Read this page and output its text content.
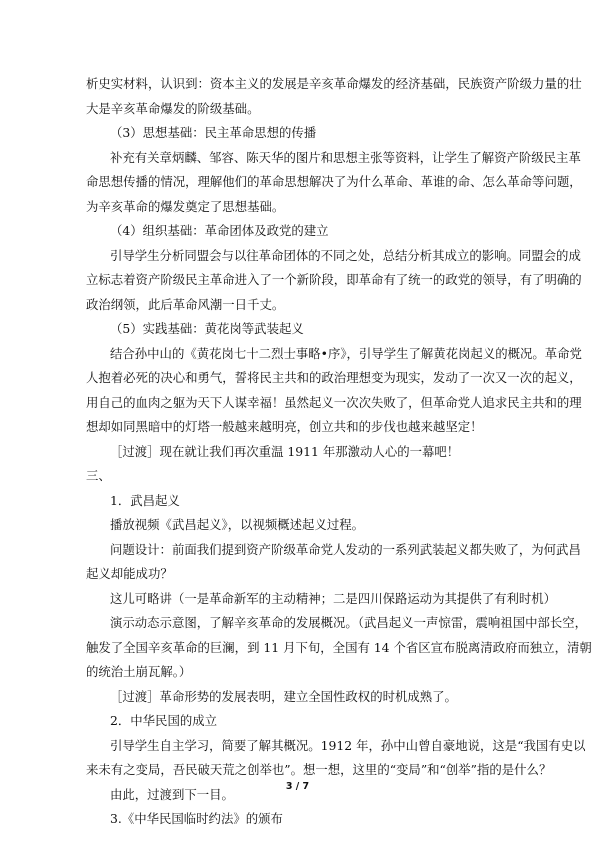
析史实材料，认识到：资本主义的发展是辛亥革命爆发的经济基础，民族资产阶级力量的壮
大是辛亥革命爆发的阶级基础。
（3）思想基础：民主革命思想的传播
补充有关章炳麟、邹容、陈天华的图片和思想主张等资料，让学生了解资产阶级民主革
命思想传播的情况，理解他们的革命思想解决了为什么革命、革谁的命、怎么革命等问题，
为辛亥革命的爆发奠定了思想基础。
（4）组织基础：革命团体及政党的建立
引导学生分析同盟会与以往革命团体的不同之处，总结分析其成立的影响。同盟会的成
立标志着资产阶级民主革命进入了一个新阶段，即革命有了统一的政党的领导，有了明确的
政治纲领，此后革命风潮一日千丈。
（5）实践基础：黄花岗等武装起义
结合孙中山的《黄花岗七十二烈士事略•序》，引导学生了解黄花岗起义的概况。革命党
人抱着必死的决心和勇气，誓将民主共和的政治理想变为现实，发动了一次又一次的起义，
用自己的血肉之躯为天下人谋幸福！虽然起义一次次失败了，但革命党人追求民主共和的理
想却如同黑暗中的灯塔一般越来越明亮，创立共和的步伐也越来越坚定！
［过渡］现在就让我们再次重温 1911 年那激动人心的一幕吧！
三、
1．武昌起义
播放视频《武昌起义》，以视频概述起义过程。
问题设计：前面我们提到资产阶级革命党人发动的一系列武装起义都失败了，为何武昌
起义却能成功？
这儿可略讲（一是革命新军的主动精神；二是四川保路运动为其提供了有利时机）
演示动态示意图，了解辛亥革命的发展概况。（武昌起义一声惊雷，震响祖国中部长空，
触发了全国辛亥革命的巨澜，到 11 月下旬，全国有 14 个省区宣布脱离清政府而独立，清朝
的统治土崩瓦解。）
［过渡］革命形势的发展表明，建立全国性政权的时机成熟了。
2．中华民国的成立
引导学生自主学习，简要了解其概况。1912 年，孙中山曾自豪地说，这是“我国有史以
来未有之变局，吾民破天荒之创举也”。想一想，这里的“变局”和“创举”指的是什么？
由此，过渡到下一目。
3.《中华民国临时约法》的颁布
3 / 7
